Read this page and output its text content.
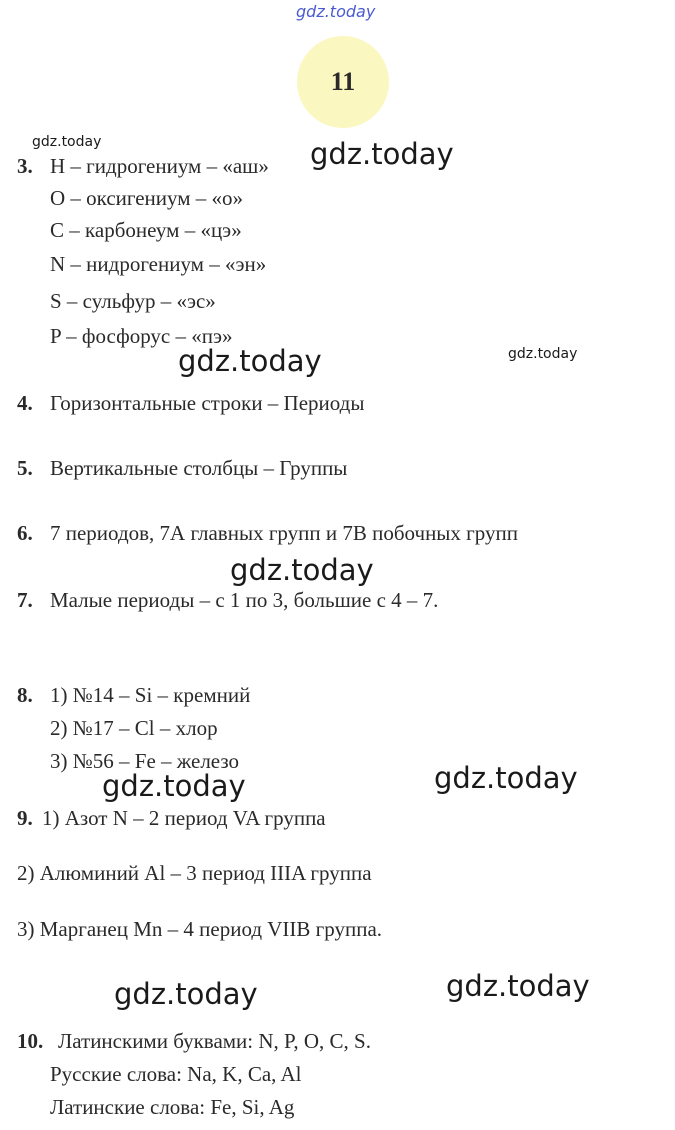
gdz.today
gdz.today	gdz.today
gdz.today	gdz.today
gdz.today
gdz.today	gdz.today
gdz.today	gdz.today
11
3. H – гидрогениум – «аш»
O – оксигениум – «о»
C – карбонеум – «цэ»
N – нидрогениум – «эн»
S – сульфур – «эс»
P – фосфорус – «пэ»
4. Горизонтальные строки – Периоды
5. Вертикальные столбцы – Группы
6. 7 периодов, 7А главных групп и 7В побочных групп
7. Малые периоды – с 1 по 3, большие с 4 – 7.
8. 1) №14 – Si – кремний
2) №17 – Cl – хлор
3) №56 – Fe – железо
9. 1) Азот N – 2 период VA группа
2) Алюминий Al – 3 период IIIA группа
3) Марганец Mn – 4 период VIIB группа.
10. Латинскими буквами: N, P, O, C, S.
Русские слова: Na, K, Ca, Al
Латинские слова: Fe, Si, Ag
